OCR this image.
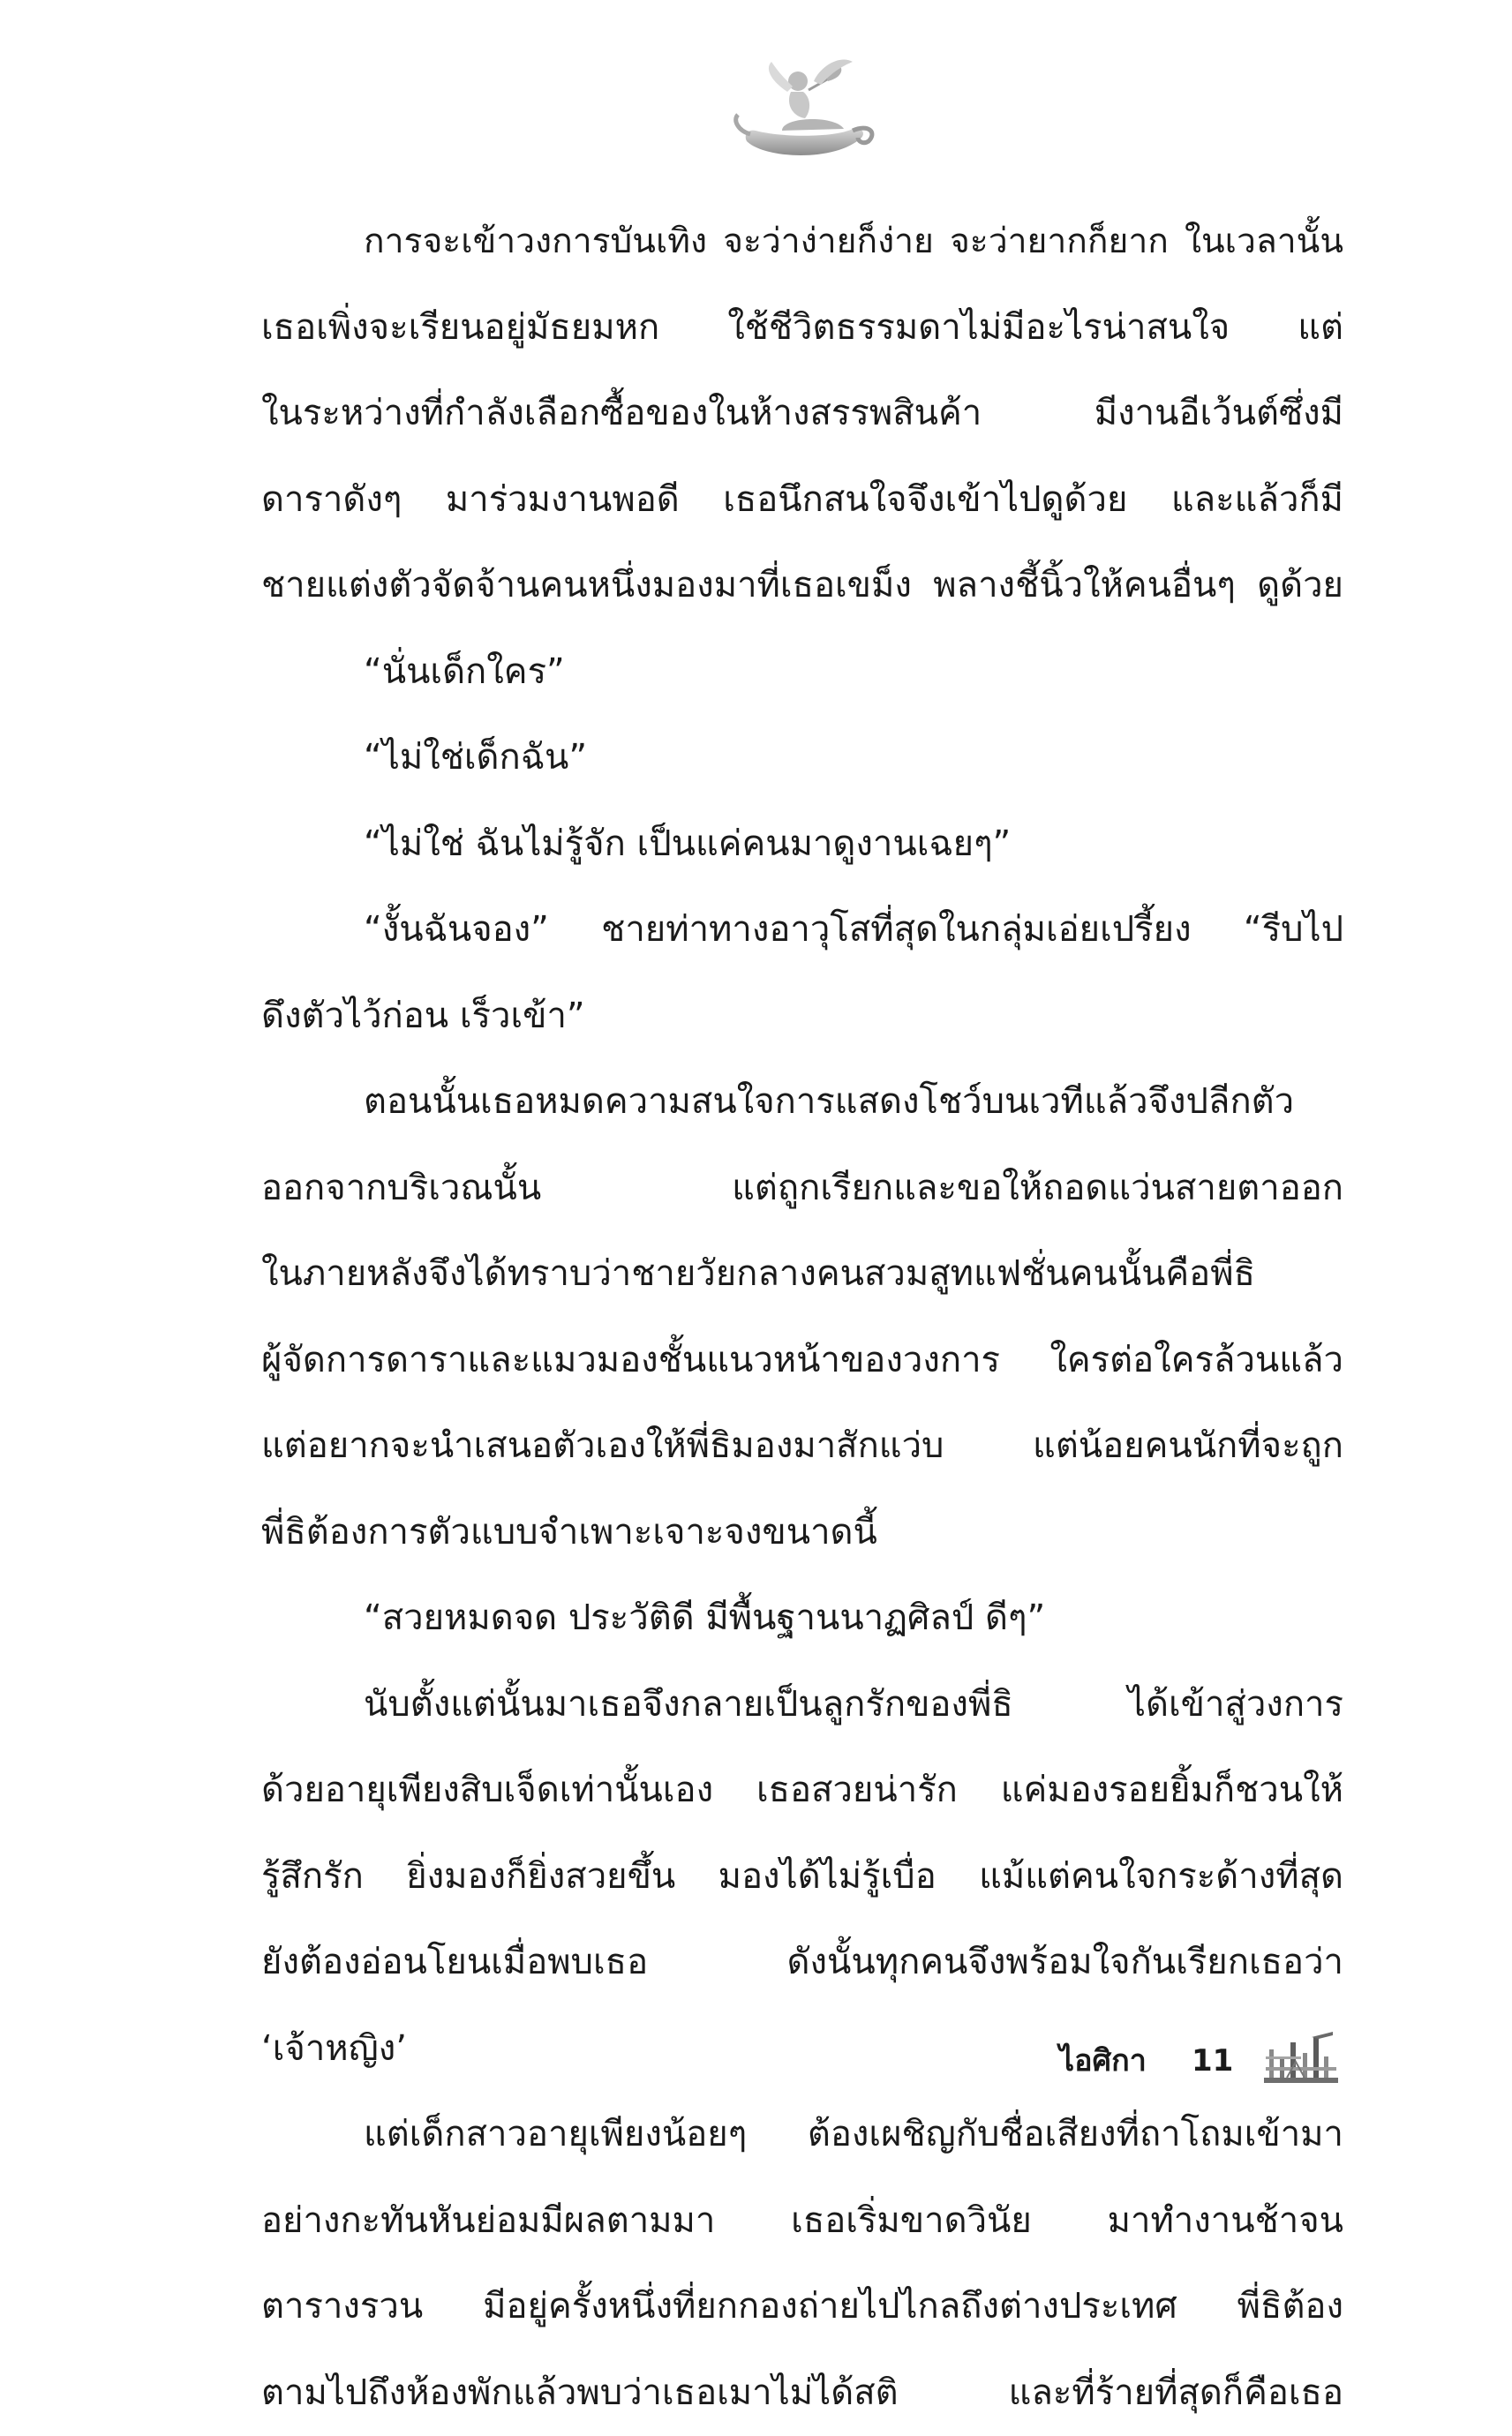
การจะเข้าวงการบันเทิง จะว่าง่ายก็ง่าย จะว่ายากก็ยาก ในเวลานั้น
เธอเพิ่งจะเรียนอยู่มัธยมหก ใช้ชีวิตธรรมดาไม่มีอะไรน่าสนใจ แต่
ในระหว่างที่กำลังเลือกซื้อของในห้างสรรพสินค้า มีงานอีเว้นต์ซึ่งมี
ดาราดังๆ มาร่วมงานพอดี เธอนึกสนใจจึงเข้าไปดูด้วย และแล้วก็มี
ชายแต่งตัวจัดจ้านคนหนึ่งมองมาที่เธอเขม็ง พลางชี้นิ้วให้คนอื่นๆ ดูด้วย
“นั่นเด็กใคร”
“ไม่ใช่เด็กฉัน”
“ไม่ใช่ ฉันไม่รู้จัก เป็นแค่คนมาดูงานเฉยๆ”
“งั้นฉันจอง” ชายท่าทางอาวุโสที่สุดในกลุ่มเอ่ยเปรี้ยง “รีบไป
ดึงตัวไว้ก่อน เร็วเข้า”
ตอนนั้นเธอหมดความสนใจการแสดงโชว์บนเวทีแล้วจึงปลีกตัว
ออกจากบริเวณนั้น แต่ถูกเรียกและขอให้ถอดแว่นสายตาออก
ในภายหลังจึงได้ทราบว่าชายวัยกลางคนสวมสูทแฟชั่นคนนั้นคือพี่ธิ
ผู้จัดการดาราและแมวมองชั้นแนวหน้าของวงการ ใครต่อใครล้วนแล้ว
แต่อยากจะนำเสนอตัวเองให้พี่ธิมองมาสักแว่บ แต่น้อยคนนักที่จะถูก
พี่ธิต้องการตัวแบบจำเพาะเจาะจงขนาดนี้
“สวยหมดจด ประวัติดี มีพื้นฐานนาฏศิลป์ ดีๆ”
นับตั้งแต่นั้นมาเธอจึงกลายเป็นลูกรักของพี่ธิ ได้เข้าสู่วงการ
ด้วยอายุเพียงสิบเจ็ดเท่านั้นเอง เธอสวยน่ารัก แค่มองรอยยิ้มก็ชวนให้
รู้สึกรัก ยิ่งมองก็ยิ่งสวยขึ้น มองได้ไม่รู้เบื่อ แม้แต่คนใจกระด้างที่สุด
ยังต้องอ่อนโยนเมื่อพบเธอ ดังนั้นทุกคนจึงพร้อมใจกันเรียกเธอว่า
‘เจ้าหญิง’
แต่เด็กสาวอายุเพียงน้อยๆ ต้องเผชิญกับชื่อเสียงที่ถาโถมเข้ามา
อย่างกะทันหันย่อมมีผลตามมา เธอเริ่มขาดวินัย มาทำงานช้าจน
ตารางรวน มีอยู่ครั้งหนึ่งที่ยกกองถ่ายไปไกลถึงต่างประเทศ พี่ธิต้อง
ตามไปถึงห้องพักแล้วพบว่าเธอเมาไม่ได้สติ และที่ร้ายที่สุดก็คือเธอ
ไอศิกา 11
